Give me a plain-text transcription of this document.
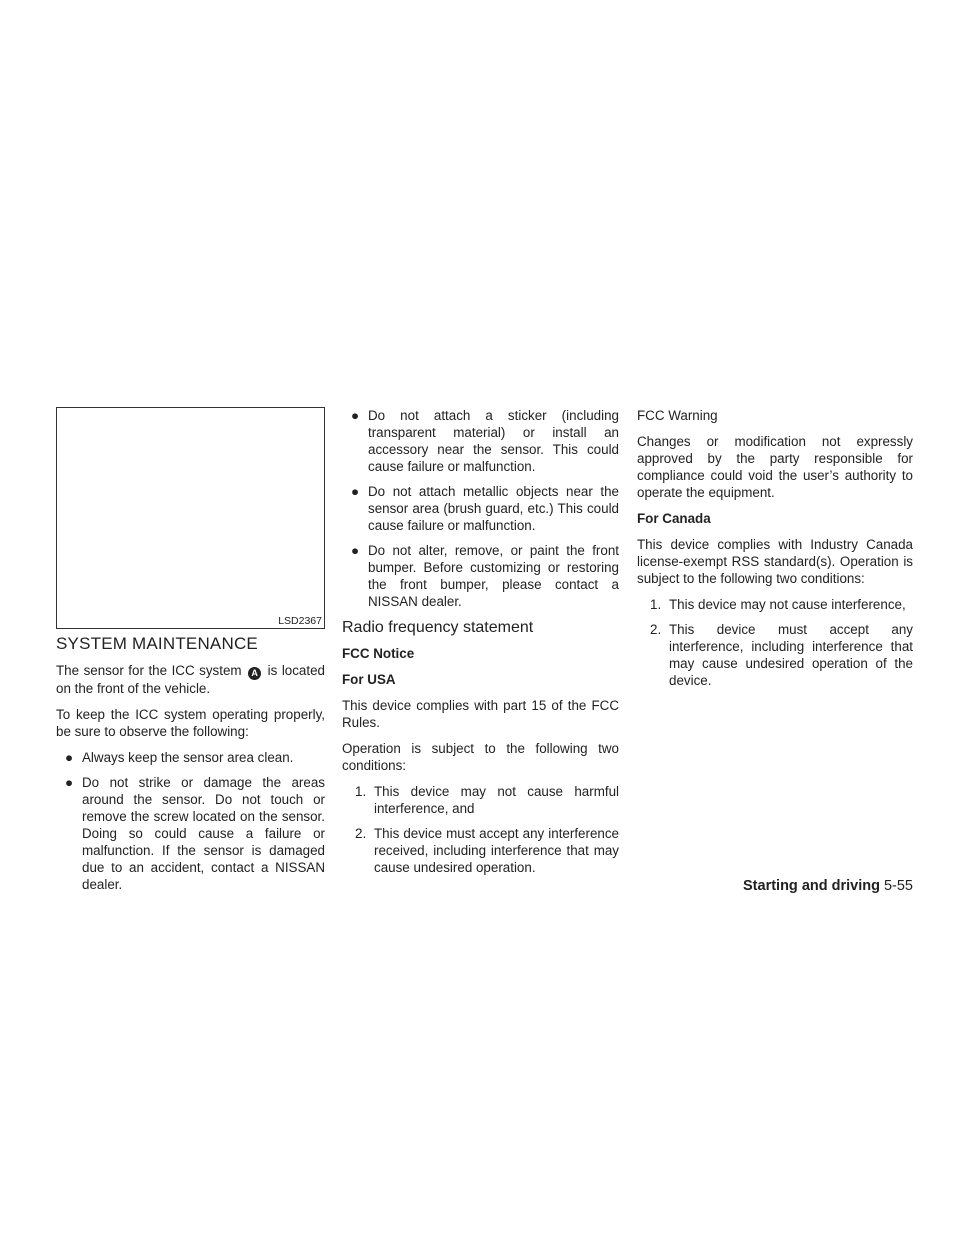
LSD2367
SYSTEM MAINTENANCE

The sensor for the ICC system A is located on the front of the vehicle.

To keep the ICC system operating properly, be sure to observe the following:

● Always keep the sensor area clean.
● Do not strike or damage the areas around the sensor. Do not touch or remove the screw located on the sensor. Doing so could cause a failure or malfunction. If the sensor is damaged due to an accident, contact a NISSAN dealer.
● Do not attach a sticker (including transparent material) or install an accessory near the sensor. This could cause failure or malfunction.
● Do not attach metallic objects near the sensor area (brush guard, etc.) This could cause failure or malfunction.
● Do not alter, remove, or paint the front bumper. Before customizing or restoring the front bumper, please contact a NISSAN dealer.
Radio frequency statement
FCC Notice
For USA

This device complies with part 15 of the FCC Rules.

Operation is subject to the following two conditions:

1. This device may not cause harmful interference, and
2. This device must accept any interference received, including interference that may cause undesired operation.

FCC Warning

Changes or modification not expressly approved by the party responsible for compliance could void the user’s authority to operate the equipment.

For Canada

This device complies with Industry Canada license-exempt RSS standard(s). Operation is subject to the following two conditions:

1. This device may not cause interference,
2. This device must accept any interference, including interference that may cause undesired operation of the device.
Starting and driving 5-55
